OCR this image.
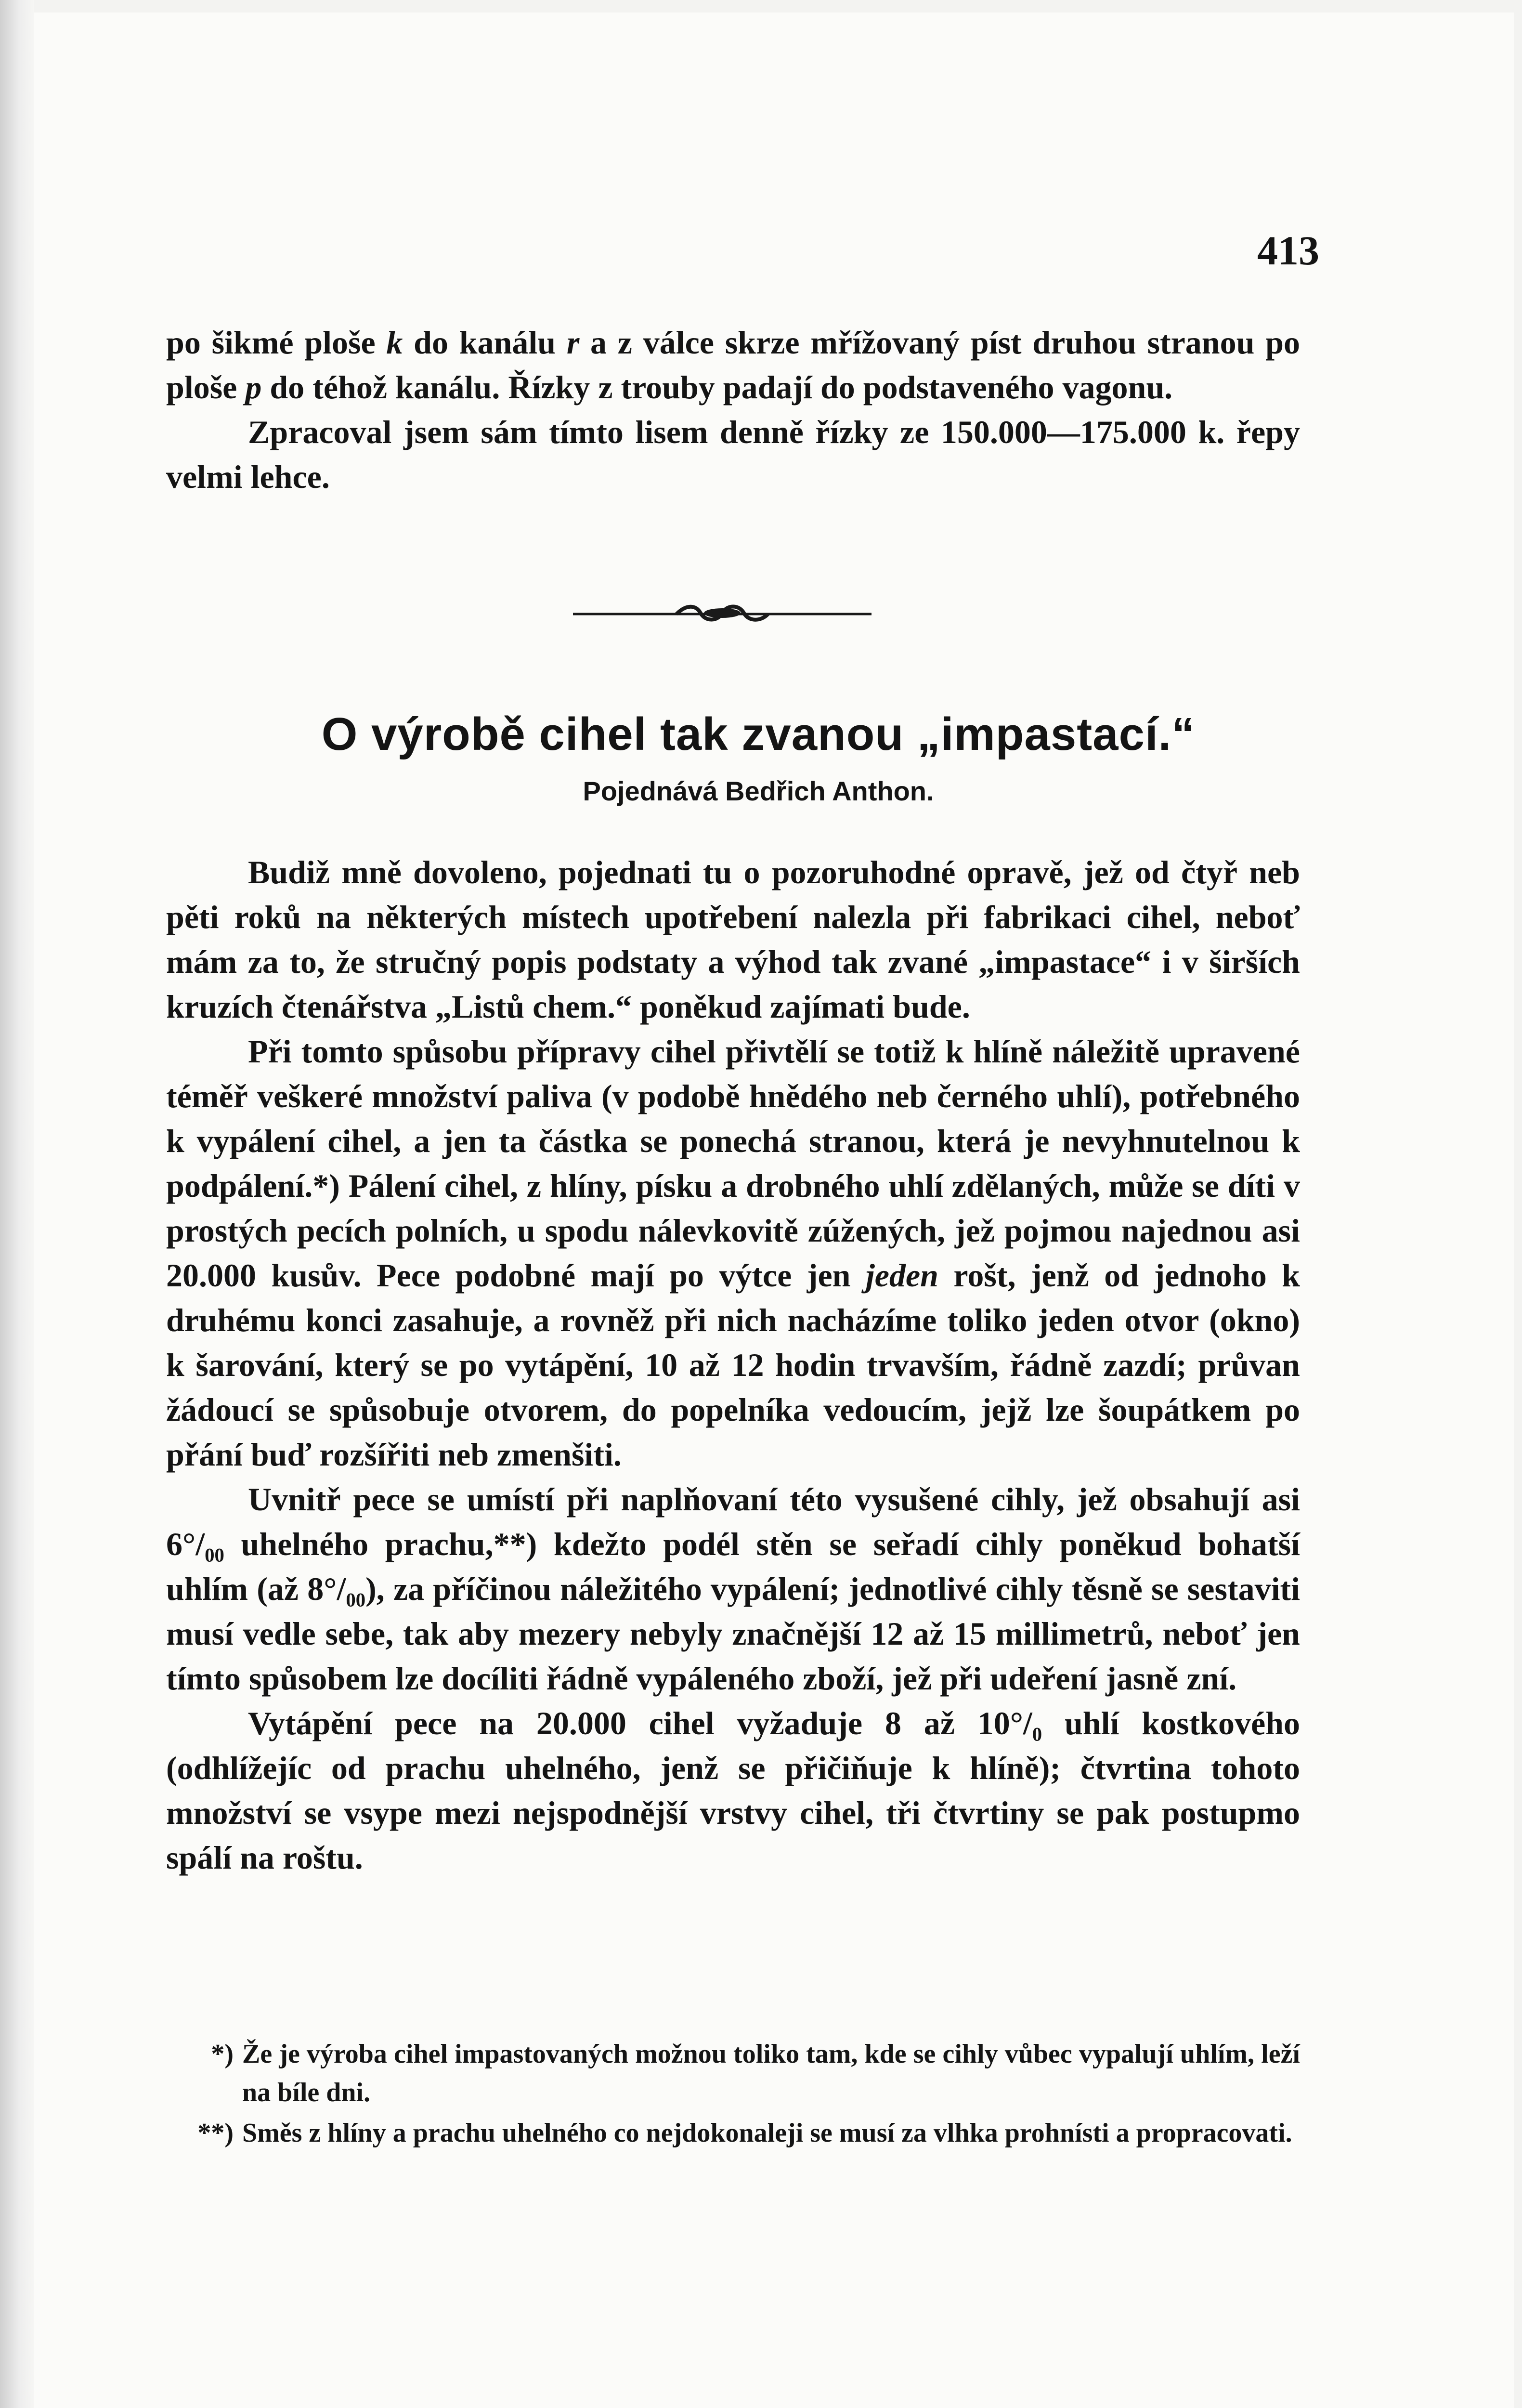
413

po šikmé ploše k do kanálu r a z válce skrze mřížovaný píst druhou stranou po ploše p do téhož kanálu. Řízky z trouby padají do podstaveného vagonu.

Zpracoval jsem sám tímto lisem denně řízky ze 150.000—175.000 k. řepy velmi lehce.

O výrobě cihel tak zvanou „impastací.“
Pojednává Bedřich Anthon.

Budiž mně dovoleno, pojednati tu o pozoruhodné opravě, jež od čtyř neb pěti roků na některých místech upotřebení nalezla při fabrikaci cihel, neboť mám za to, že stručný popis podstaty a výhod tak zvané „impastace“ i v širších kruzích čtenářstva „Listů chem.“ poněkud zajímati bude.

Při tomto spůsobu přípravy cihel přivtělí se totiž k hlíně náležitě upravené téměř veškeré množství paliva (v podobě hnědého neb černého uhlí), potřebného k vypálení cihel, a jen ta částka se ponechá stranou, která je nevyhnutelnou k podpálení.*) Pálení cihel, z hlíny, písku a drobného uhlí zdělaných, může se díti v prostých pecích polních, u spodu nálevkovitě zúžených, jež pojmou najednou asi 20.000 kusův. Pece podobné mají po výtce jen jeden rošt, jenž od jednoho k druhému konci zasahuje, a rovněž při nich nacházíme toliko jeden otvor (okno) k šarování, který se po vytápění, 10 až 12 hodin trvavším, řádně zazdí; průvan žádoucí se spůsobuje otvorem, do popelníka vedoucím, jejž lze šoupátkem po přání buď rozšířiti neb zmenšiti.

Uvnitř pece se umístí při naplňovaní této vysušené cihly, jež obsahují asi 6°/₀₀ uhelného prachu,**) kdežto podél stěn se seřadí cihly poněkud bohatší uhlím (až 8°/₀₀), za příčinou náležitého vypálení; jednotlivé cihly těsně se sestaviti musí vedle sebe, tak aby mezery nebyly značnější 12 až 15 millimetrů, neboť jen tímto spůsobem lze docíliti řádně vypáleného zboží, jež při udeření jasně zní.

Vytápění pece na 20.000 cihel vyžaduje 8 až 10°/₀ uhlí kostkového (odhlížejíc od prachu uhelného, jenž se přičiňuje k hlíně); čtvrtina tohoto množství se vsype mezi nejspodnější vrstvy cihel, tři čtvrtiny se pak postupmo spálí na roštu.

*) Že je výroba cihel impastovaných možnou toliko tam, kde se cihly vůbec vypalují uhlím, leží na bíle dni.
**) Směs z hlíny a prachu uhelného co nejdokonaleji se musí za vlhka prohnísti a propracovati.
